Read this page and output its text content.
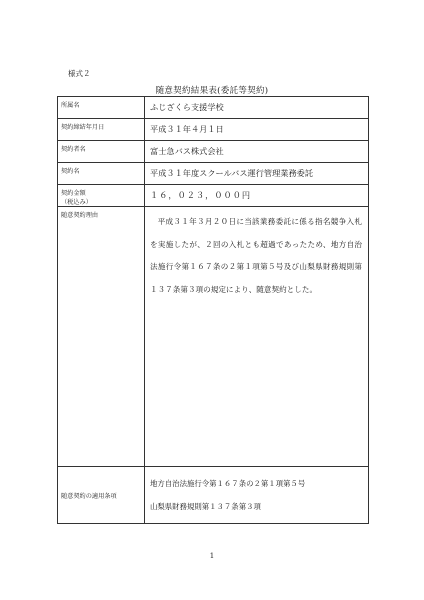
様式２
随意契約結果表(委託等契約)
所属名	ふじざくら支援学校
契約締結年月日	平成３１年４月１日
契約者名	富士急バス株式会社
契約名	平成３１年度スクールバス運行管理業務委託

契約金額
（税込み）	１６，０２３，０００円
随意契約理由	平成３１年３月２０日に当該業務委託に係る指名競争入札を実施したが、２回の入札とも超過であったため、地方自治法施行令第１６７条の２第１項第５号及び山梨県財務規則第１３７条第３項の規定により、随意契約とした。

随意契約の適用条項	地方自治法施行令第１６７条の２第１項第５号
山梨県財務規則第１３７条第３項
1
